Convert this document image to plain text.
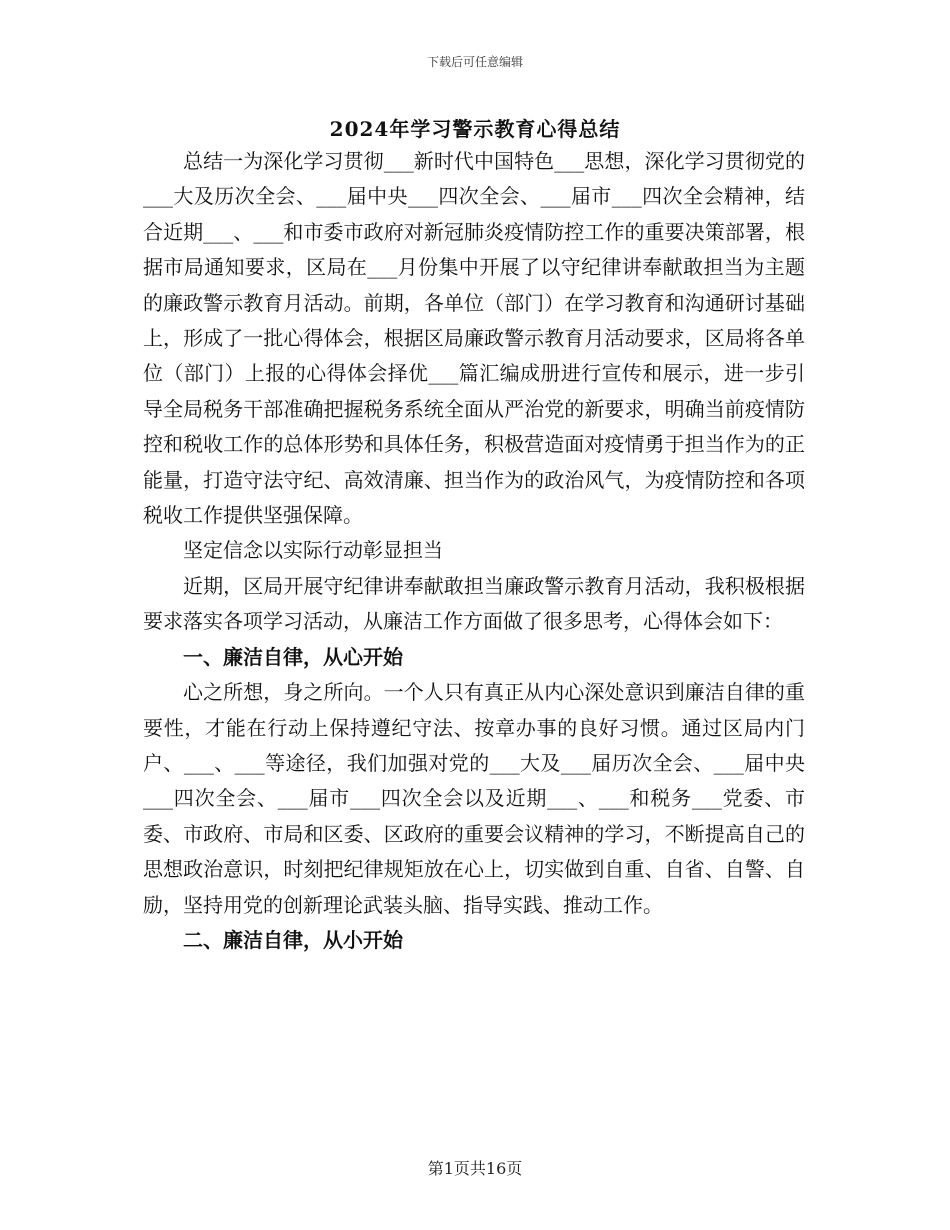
下载后可任意编辑
2024年学习警示教育心得总结

总结一为深化学习贯彻___新时代中国特色___思想，深化学习贯彻党的___大及历次全会、___届中央___四次全会、___届市___四次全会精神，结合近期___、___和市委市政府对新冠肺炎疫情防控工作的重要决策部署，根据市局通知要求，区局在___月份集中开展了以守纪律讲奉献敢担当为主题的廉政警示教育月活动。前期，各单位（部门）在学习教育和沟通研讨基础上，形成了一批心得体会，根据区局廉政警示教育月活动要求，区局将各单位（部门）上报的心得体会择优___篇汇编成册进行宣传和展示，进一步引导全局税务干部准确把握税务系统全面从严治党的新要求，明确当前疫情防控和税收工作的总体形势和具体任务，积极营造面对疫情勇于担当作为的正能量，打造守法守纪、高效清廉、担当作为的政治风气，为疫情防控和各项税收工作提供坚强保障。

坚定信念以实际行动彰显担当

近期，区局开展守纪律讲奉献敢担当廉政警示教育月活动，我积极根据要求落实各项学习活动，从廉洁工作方面做了很多思考，心得体会如下：

一、廉洁自律，从心开始

心之所想，身之所向。一个人只有真正从内心深处意识到廉洁自律的重要性，才能在行动上保持遵纪守法、按章办事的良好习惯。通过区局内门户、___、___等途径，我们加强对党的___大及___届历次全会、___届中央___四次全会、___届市___四次全会以及近期___、___和税务___党委、市委、市政府、市局和区委、区政府的重要会议精神的学习，不断提高自己的思想政治意识，时刻把纪律规矩放在心上，切实做到自重、自省、自警、自励，坚持用党的创新理论武装头脑、指导实践、推动工作。

二、廉洁自律，从小开始

第1页共16页
